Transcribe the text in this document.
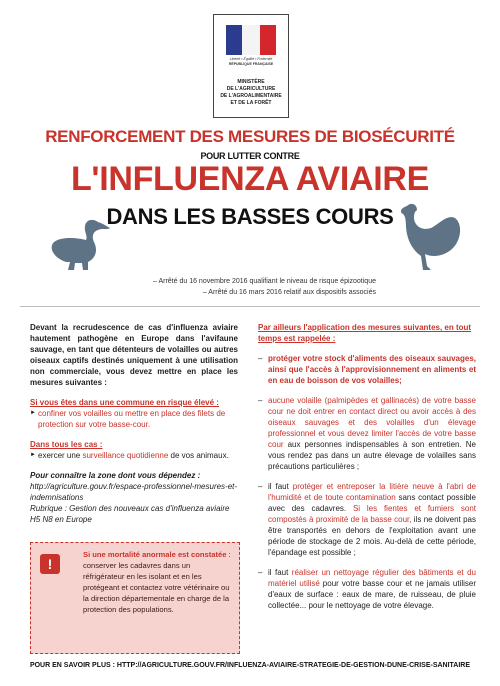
Liberté • Égalité • Fraternité
RÉPUBLIQUE FRANÇAISE
MINISTÈRE
DE L'AGRICULTURE
DE L'AGROALIMENTAIRE
ET DE LA FORÊT
RENFORCEMENT DES MESURES DE BIOSÉCURITÉ
POUR LUTTER CONTRE
L'INFLUENZA AVIAIRE
DANS LES BASSES COURS
– Arrêté du 16 novembre 2016 qualifiant le niveau de risque épizootique
– Arrêté du 16 mars 2016 relatif aux dispositifs associés

Devant la recrudescence de cas d'influenza aviaire hautement pathogène en Europe dans l'avifaune sauvage, en tant que détenteurs de volailles ou autres oiseaux captifs destinés uniquement à une utilisation non commerciale, vous devez mettre en place les mesures suivantes :

Si vous êtes dans une commune en risque élevé :
► confiner vos volailles ou mettre en place des filets de protection sur votre basse-cour.
Dans tous les cas :
► exercer une surveillance quotidienne de vos animaux.
Pour connaître la zone dont vous dépendez :
http://agriculture.gouv.fr/espace-professionnel-mesures-et-indemnisations
Rubrique : Gestion des nouveaux cas d'influenza aviaire H5 N8 en Europe
!
Si une mortalité anormale est constatée : conserver les cadavres dans un réfrigérateur en les isolant et en les protégeant et contactez votre vétérinaire ou la direction départementale en charge de la protection des populations.
Par ailleurs l'application des mesures suivantes, en tout temps est rappelée :
– protéger votre stock d'aliments des oiseaux sauvages, ainsi que l'accès à l'approvisionnement en aliments et en eau de boisson de vos volailles;
– aucune volaille (palmipèdes et gallinacés) de votre basse cour ne doit entrer en contact direct ou avoir accès à des oiseaux sauvages et des volailles d'un élevage professionnel et vous devez limiter l'accès de votre basse cour aux personnes indispensables à son entretien. Ne vous rendez pas dans un autre élevage de volailles sans précautions particulières ;
– il faut protéger et entreposer la litière neuve à l'abri de l'humidité et de toute contamination sans contact possible avec des cadavres. Si les fientes et fumiers sont compostés à proximité de la basse cour, ils ne doivent pas être transportés en dehors de l'exploitation avant une période de stockage de 2 mois. Au-delà de cette période, l'épandage est possible ;
– il faut réaliser un nettoyage régulier des bâtiments et du matériel utilisé pour votre basse cour et ne jamais utiliser d'eaux de surface : eaux de mare, de ruisseau, de pluie collectée... pour le nettoyage de votre élevage.
POUR EN SAVOIR PLUS : HTTP://AGRICULTURE.GOUV.FR/INFLUENZA-AVIAIRE-STRATEGIE-DE-GESTION-DUNE-CRISE-SANITAIRE
